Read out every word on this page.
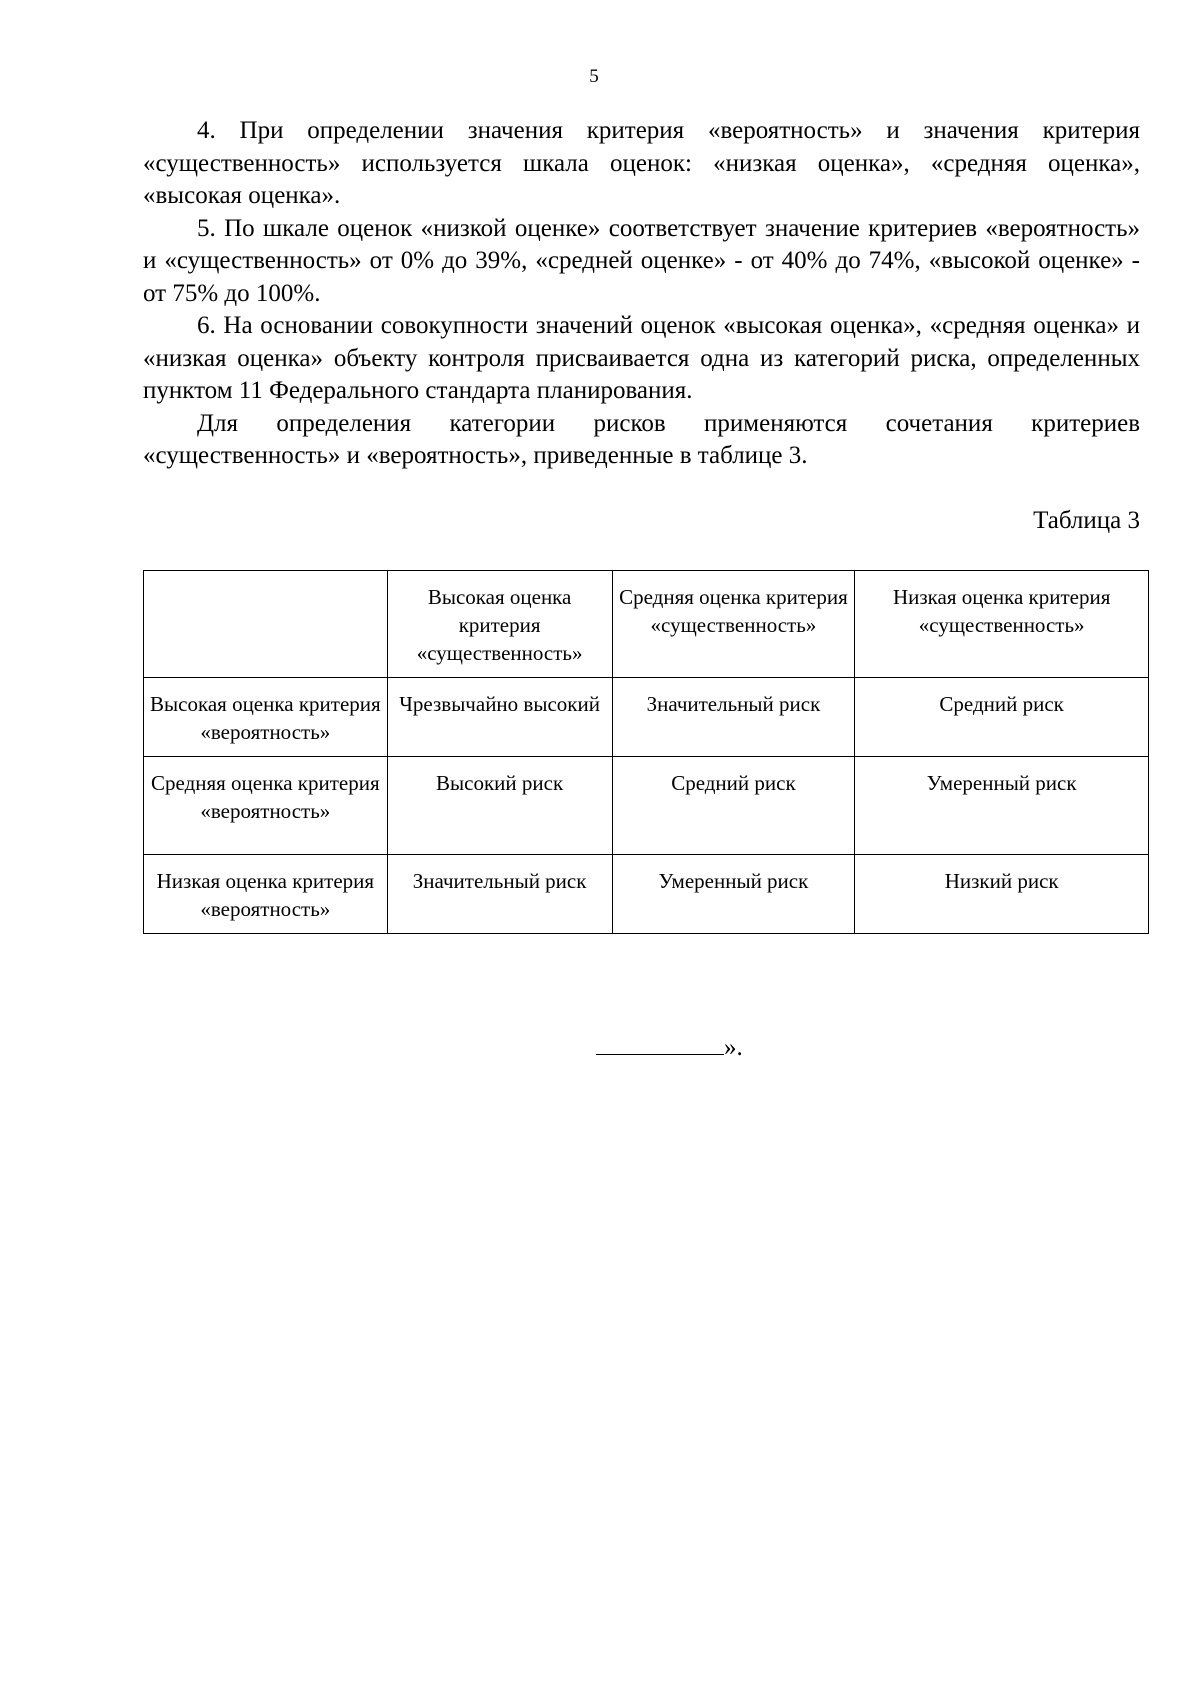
5

4. При определении значения критерия «вероятность» и значения критерия «существенность» используется шкала оценок: «низкая оценка», «средняя оценка», «высокая оценка».

5. По шкале оценок «низкой оценке» соответствует значение критериев «вероятность» и «существенность» от 0% до 39%, «средней оценке» - от 40% до 74%, «высокой оценке» - от 75% до 100%.

6. На основании совокупности значений оценок «высокая оценка», «средняя оценка» и «низкая оценка» объекту контроля присваивается одна из категорий риска, определенных пунктом 11 Федерального стандарта планирования.

Для определения категории рисков применяются сочетания критериев «существенность» и «вероятность», приведенные в таблице 3.

Таблица 3
	Высокая оценка критерия «существенность»	Средняя оценка критерия «существенность»	Низкая оценка критерия «существенность»
Высокая оценка критерия «вероятность»	Чрезвычайно высокий	Значительный риск	Средний риск
Средняя оценка критерия «вероятность»	Высокий риск	Средний риск	Умеренный риск
Низкая оценка критерия «вероятность»	Значительный риск	Умеренный риск	Низкий риск
».
